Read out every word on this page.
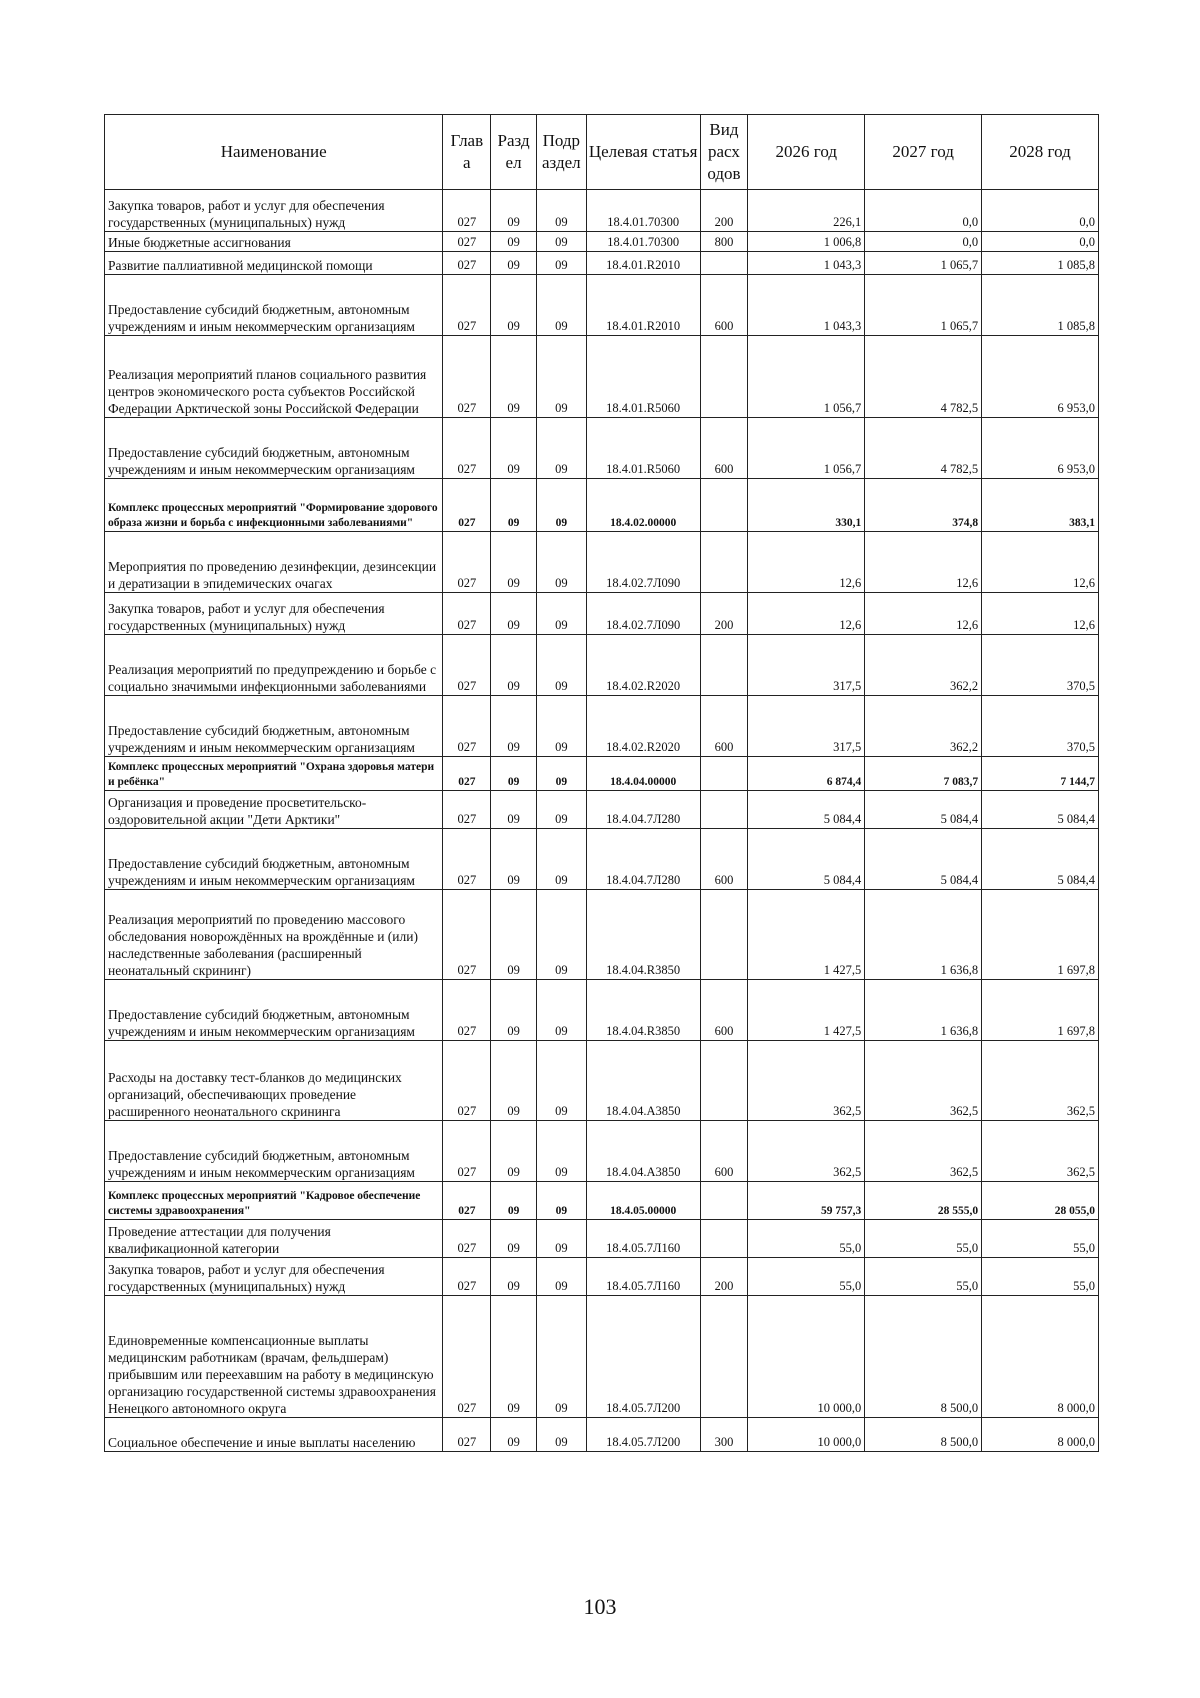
Наименование	Глав а	Разд ел	Подр аздел	Целевая статья	Вид расх одов	2026 год	2027 год	2028 год
Закупка товаров, работ и услуг для обеспечения государственных (муниципальных) нужд	027	09	09	18.4.01.70300	200	226,1	0,0	0,0
Иные бюджетные ассигнования	027	09	09	18.4.01.70300	800	1 006,8	0,0	0,0
Развитие паллиативной медицинской помощи	027	09	09	18.4.01.R2010		1 043,3	1 065,7	1 085,8
Предоставление субсидий бюджетным, автономным учреждениям и иным некоммерческим организациям	027	09	09	18.4.01.R2010	600	1 043,3	1 065,7	1 085,8
Реализация мероприятий планов социального развития центров экономического роста субъектов Российской Федерации Арктической зоны Российской Федерации	027	09	09	18.4.01.R5060		1 056,7	4 782,5	6 953,0
Предоставление субсидий бюджетным, автономным учреждениям и иным некоммерческим организациям	027	09	09	18.4.01.R5060	600	1 056,7	4 782,5	6 953,0
Комплекс процессных мероприятий "Формирование здорового образа жизни и борьба с инфекционными заболеваниями"	027	09	09	18.4.02.00000		330,1	374,8	383,1
Мероприятия по проведению дезинфекции, дезинсекции и дератизации в эпидемических очагах	027	09	09	18.4.02.7Л090		12,6	12,6	12,6
Закупка товаров, работ и услуг для обеспечения государственных (муниципальных) нужд	027	09	09	18.4.02.7Л090	200	12,6	12,6	12,6
Реализация мероприятий по предупреждению и борьбе с социально значимыми инфекционными заболеваниями	027	09	09	18.4.02.R2020		317,5	362,2	370,5
Предоставление субсидий бюджетным, автономным учреждениям и иным некоммерческим организациям	027	09	09	18.4.02.R2020	600	317,5	362,2	370,5
Комплекс процессных мероприятий "Охрана здоровья матери и ребёнка"	027	09	09	18.4.04.00000		6 874,4	7 083,7	7 144,7
Организация и проведение просветительско-оздоровительной акции "Дети Арктики"	027	09	09	18.4.04.7Л280		5 084,4	5 084,4	5 084,4
Предоставление субсидий бюджетным, автономным учреждениям и иным некоммерческим организациям	027	09	09	18.4.04.7Л280	600	5 084,4	5 084,4	5 084,4
Реализация мероприятий по проведению массового обследования новорождённых на врождённые и (или) наследственные заболевания (расширенный неонатальный скрининг)	027	09	09	18.4.04.R3850		1 427,5	1 636,8	1 697,8
Предоставление субсидий бюджетным, автономным учреждениям и иным некоммерческим организациям	027	09	09	18.4.04.R3850	600	1 427,5	1 636,8	1 697,8
Расходы на доставку тест-бланков до медицинских организаций, обеспечивающих проведение расширенного неонатального скрининга	027	09	09	18.4.04.A3850		362,5	362,5	362,5
Предоставление субсидий бюджетным, автономным учреждениям и иным некоммерческим организациям	027	09	09	18.4.04.A3850	600	362,5	362,5	362,5
Комплекс процессных мероприятий "Кадровое обеспечение системы здравоохранения"	027	09	09	18.4.05.00000		59 757,3	28 555,0	28 055,0
Проведение аттестации для получения квалификационной категории	027	09	09	18.4.05.7Л160		55,0	55,0	55,0
Закупка товаров, работ и услуг для обеспечения государственных (муниципальных) нужд	027	09	09	18.4.05.7Л160	200	55,0	55,0	55,0
Единовременные компенсационные выплаты медицинским работникам (врачам, фельдшерам) прибывшим или переехавшим на работу в медицинскую организацию государственной системы здравоохранения Ненецкого автономного округа	027	09	09	18.4.05.7Л200		10 000,0	8 500,0	8 000,0
Социальное обеспечение и иные выплаты населению	027	09	09	18.4.05.7Л200	300	10 000,0	8 500,0	8 000,0
103
